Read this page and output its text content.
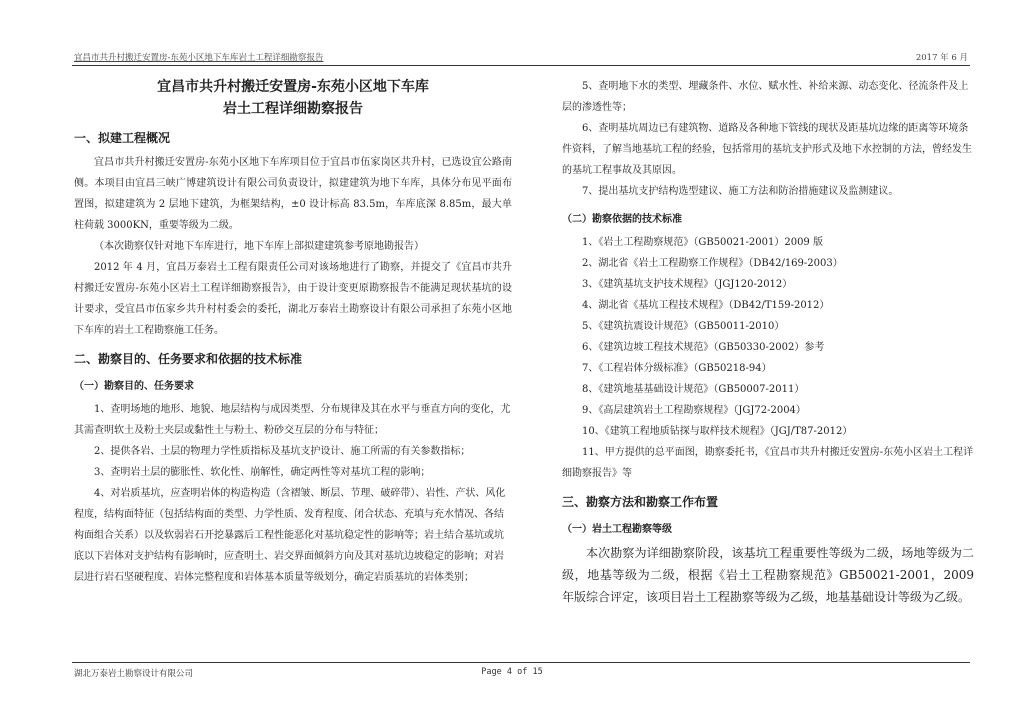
宜昌市共升村搬迁安置房-东苑小区地下车库岩土工程详细勘察报告	2017 年 6 月
宜昌市共升村搬迁安置房-东苑小区地下车库
岩土工程详细勘察报告
一、拟建工程概况

宜昌市共升村搬迁安置房-东苑小区地下车库项目位于宜昌市伍家岗区共升村，已选设宜公路南侧。本项目由宜昌三峡广博建筑设计有限公司负责设计，拟建建筑为地下车库，具体分布见平面布置图，拟建建筑为 2 层地下建筑，为框架结构，±0 设计标高 83.5m，车库底深 8.85m，最大单柱荷载 3000KN，重要等级为二级。

（本次勘察仅针对地下车库进行，地下车库上部拟建建筑参考原地勘报告）

2012 年 4 月，宜昌万泰岩土工程有限责任公司对该场地进行了勘察，并提交了《宜昌市共升村搬迁安置房-东苑小区岩土工程详细勘察报告》，由于设计变更原勘察报告不能满足现状基坑的设计要求，受宜昌市伍家乡共升村村委会的委托，湖北万泰岩土勘察设计有限公司承担了东苑小区地下车库的岩土工程勘察施工任务。

二、勘察目的、任务要求和依据的技术标准
（一）勘察目的、任务要求

1、查明场地的地形、地貌、地层结构与成因类型、分布规律及其在水平与垂直方向的变化，尤其需查明软土及粉土夹层或黏性土与粉土、粉砂交互层的分布与特征；

2、提供各岩、土层的物理力学性质指标及基坑支护设计、施工所需的有关参数指标；

3、查明岩土层的膨胀性、软化性、崩解性，确定两性等对基坑工程的影响；

4、对岩质基坑，应查明岩体的构造构造（含褶皱、断层、节理、破碎带）、岩性、产状、风化程度，结构面特征（包括结构面的类型、力学性质、发育程度、闭合状态、充填与充水情况、各结构面组合关系）以及软弱岩石开挖暴露后工程性能恶化对基坑稳定性的影响等；岩土结合基坑或坑底以下岩体对支护结构有影响时，应查明土、岩交界面倾斜方向及其对基坑边坡稳定的影响；对岩层进行岩石坚硬程度、岩体完整程度和岩体基本质量等级划分，确定岩质基坑的岩体类别；

5、查明地下水的类型、埋藏条件、水位、赋水性、补给来源、动态变化、径流条件及上层的渗透性等；

6、查明基坑周边已有建筑物、道路及各种地下管线的现状及距基坑边缘的距离等环境条件资料，了解当地基坑工程的经验，包括常用的基坑支护形式及地下水控制的方法，曾经发生的基坑工程事故及其原因。

7、提出基坑支护结构选型建议、施工方法和防治措施建议及监测建议。

（二）勘察依据的技术标准

1、《岩土工程勘察规范》（GB50021-2001）2009 版

2、湖北省《岩土工程勘察工作规程》（DB42/169-2003）

3、《建筑基坑支护技术规程》（JGJ120-2012）

4、湖北省《基坑工程技术规程》（DB42/T159-2012）

5、《建筑抗震设计规范》（GB50011-2010）

6、《建筑边坡工程技术规范》（GB50330-2002）参考

7、《工程岩体分级标准》（GB50218-94）

8、《建筑地基基础设计规范》（GB50007-2011）

9、《高层建筑岩土工程勘察规程》（JGJ72-2004）

10、《建筑工程地质钻探与取样技术规程》（JGJ/T87-2012）

11、甲方提供的总平面图，勘察委托书，《宜昌市共升村搬迁安置房-东苑小区岩土工程详细勘察报告》等

三、勘察方法和勘察工作布置
（一）岩土工程勘察等级

本次勘察为详细勘察阶段，该基坑工程重要性等级为二级，场地等级为二级，地基等级为二级，根据《岩土工程勘察规范》GB50021-2001，2009 年版综合评定，该项目岩土工程勘察等级为乙级，地基基础设计等级为乙级。

湖北万泰岩土勘察设计有限公司	Page 4 of 15
